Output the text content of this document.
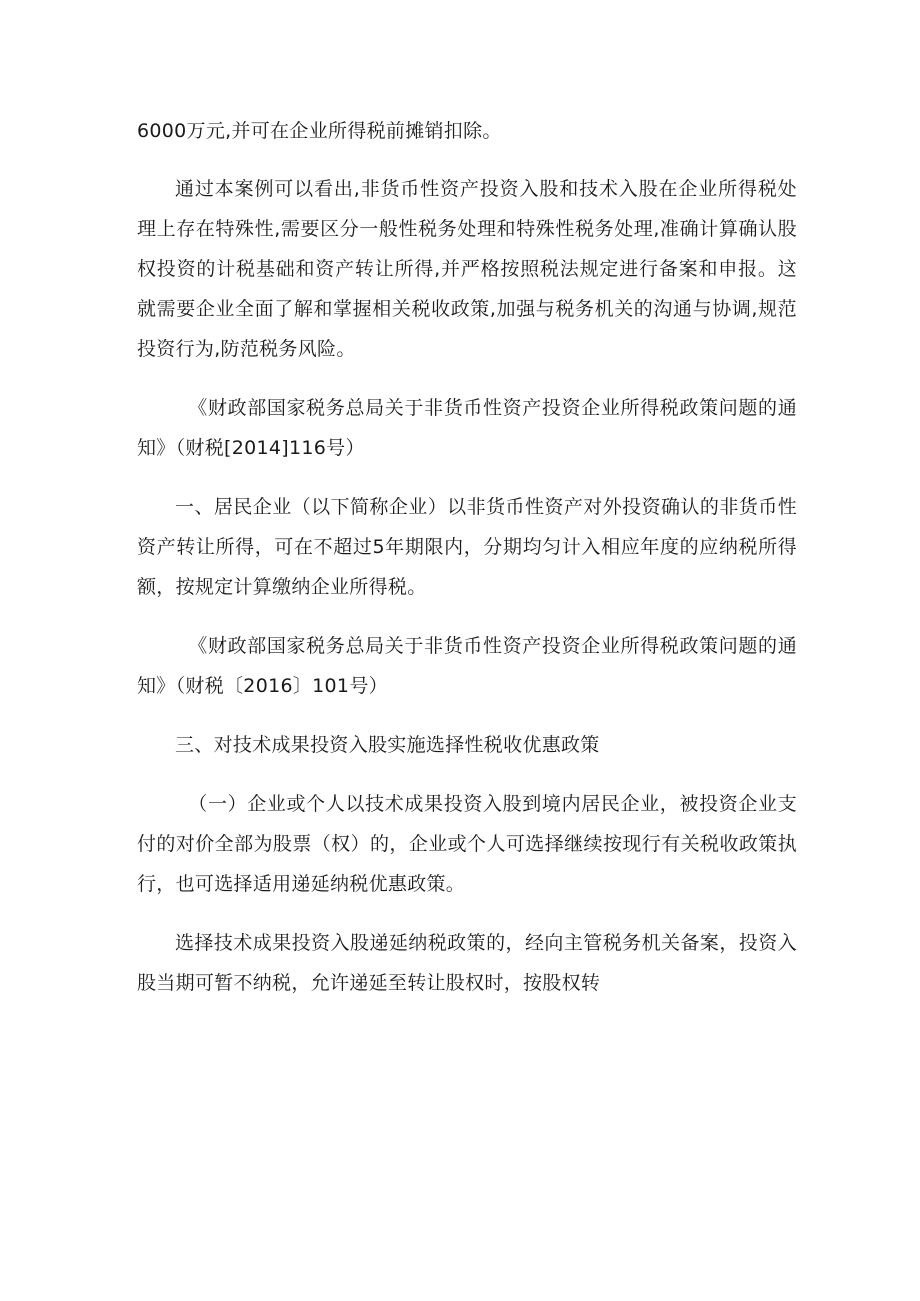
6000万元,并可在企业所得税前摊销扣除。

通过本案例可以看出,非货币性资产投资入股和技术入股在企业所得税处理上存在特殊性,需要区分一般性税务处理和特殊性税务处理,准确计算确认股权投资的计税基础和资产转让所得,并严格按照税法规定进行备案和申报。这就需要企业全面了解和掌握相关税收政策,加强与税务机关的沟通与协调,规范投资行为,防范税务风险。

《财政部国家税务总局关于非货币性资产投资企业所得税政策问题的通知》（财税[2014]116号）

一、居民企业（以下简称企业）以非货币性资产对外投资确认的非货币性资产转让所得，可在不超过5年期限内，分期均匀计入相应年度的应纳税所得额，按规定计算缴纳企业所得税。

《财政部国家税务总局关于非货币性资产投资企业所得税政策问题的通知》（财税〔2016〕101号）

三、对技术成果投资入股实施选择性税收优惠政策

（一）企业或个人以技术成果投资入股到境内居民企业，被投资企业支付的对价全部为股票（权）的，企业或个人可选择继续按现行有关税收政策执行，也可选择适用递延纳税优惠政策。

选择技术成果投资入股递延纳税政策的，经向主管税务机关备案，投资入股当期可暂不纳税，允许递延至转让股权时，按股权转
